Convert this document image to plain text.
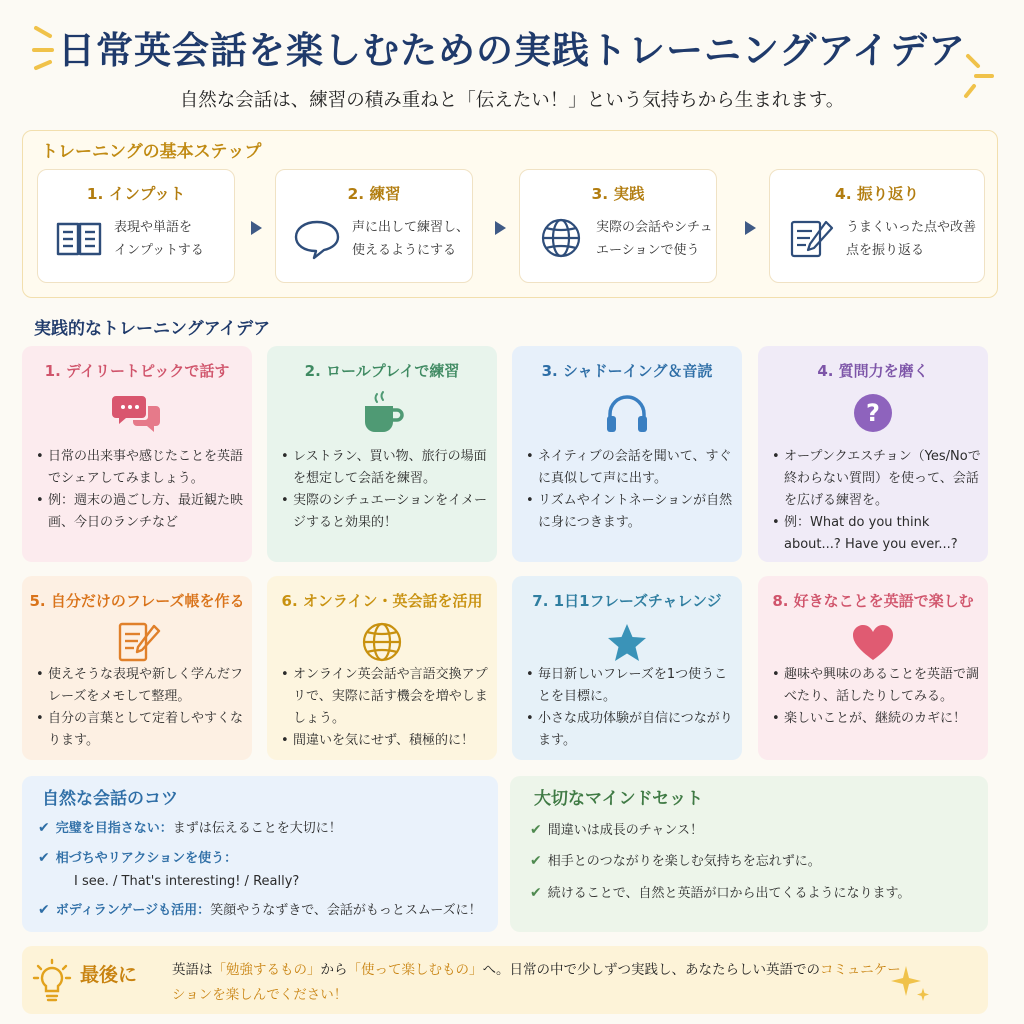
日常英会話を楽しむための実践トレーニングアイデア
自然な会話は、練習の積み重ねと「伝えたい！」という気持ちから生まれます。
トレーニングの基本ステップ
1. インプット
表現や単語を
インプットする
2. 練習
声に出して練習し、
使えるようにする
3. 実践
実際の会話やシチュ
エーションで使う
4. 振り返り
うまくいった点や改善
点を振り返る
実践的なトレーニングアイデア
1. デイリートピックで話す
• 日常の出来事や感じたことを英語でシェアしてみましょう。
• 例：週末の過ごし方、最近観た映画、今日のランチなど
2. ロールプレイで練習
• レストラン、買い物、旅行の場面を想定して会話を練習。
• 実際のシチュエーションをイメージすると効果的！
3. シャドーイング＆音読
• ネイティブの会話を聞いて、すぐに真似して声に出す。
• リズムやイントネーションが自然に身につきます。
4. 質問力を磨く
?
• オープンクエスチョン（Yes/Noで終わらない質問）を使って、会話を広げる練習を。
• 例：What do you think about...? Have you ever...?
5. 自分だけのフレーズ帳を作る
• 使えそうな表現や新しく学んだフレーズをメモして整理。
• 自分の言葉として定着しやすくなります。
6. オンライン・英会話を活用
• オンライン英会話や言語交換アプリで、実際に話す機会を増やしましょう。
• 間違いを気にせず、積極的に！
7. 1日1フレーズチャレンジ
• 毎日新しいフレーズを1つ使うことを目標に。
• 小さな成功体験が自信につながります。
8. 好きなことを英語で楽しむ
• 趣味や興味のあることを英語で調べたり、話したりしてみる。
• 楽しいことが、継続のカギに！
自然な会話のコツ
✔ 完璧を目指さない：まずは伝えることを大切に！
✔ 相づちやリアクションを使う：
I see. / That's interesting! / Really?
✔ ボディランゲージも活用：笑顔やうなずきで、会話がもっとスムーズに！
大切なマインドセット
✔ 間違いは成長のチャンス！
✔ 相手とのつながりを楽しむ気持ちを忘れずに。
✔ 続けることで、自然と英語が口から出てくるようになります。
最後に	英語は「勉強するもの」から「使って楽しむもの」へ。日常の中で少しずつ実践し、あなたらしい英語でのコミュニケーションを楽しんでください！
